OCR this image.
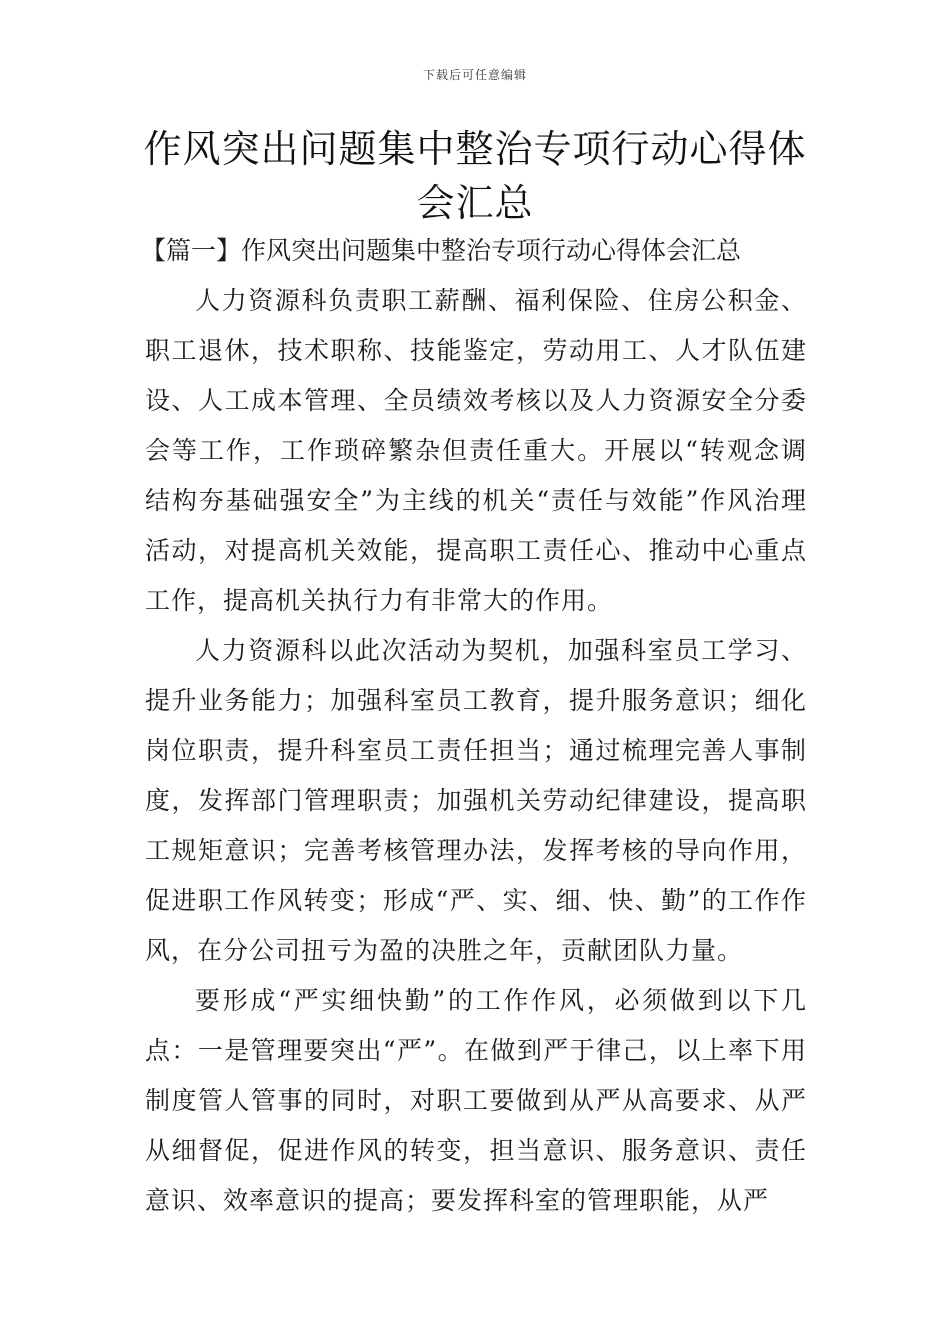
下载后可任意编辑
作风突出问题集中整治专项行动心得体会汇总

【篇一】作风突出问题集中整治专项行动心得体会汇总

人力资源科负责职工薪酬、福利保险、住房公积金、职工退休，技术职称、技能鉴定，劳动用工、人才队伍建设、人工成本管理、全员绩效考核以及人力资源安全分委会等工作，工作琐碎繁杂但责任重大。开展以“转观念调结构夯基础强安全”为主线的机关“责任与效能”作风治理活动，对提高机关效能，提高职工责任心、推动中心重点工作，提高机关执行力有非常大的作用。

人力资源科以此次活动为契机，加强科室员工学习、提升业务能力；加强科室员工教育，提升服务意识；细化岗位职责，提升科室员工责任担当；通过梳理完善人事制度，发挥部门管理职责；加强机关劳动纪律建设，提高职工规矩意识；完善考核管理办法，发挥考核的导向作用，促进职工作风转变；形成“严、实、细、快、勤”的工作作风，在分公司扭亏为盈的决胜之年，贡献团队力量。

要形成“严实细快勤”的工作作风，必须做到以下几点：一是管理要突出“严”。在做到严于律己，以上率下用制度管人管事的同时，对职工要做到从严从高要求、从严从细督促，促进作风的转变，担当意识、服务意识、责任意识、效率意识的提高；要发挥科室的管理职能，从严
